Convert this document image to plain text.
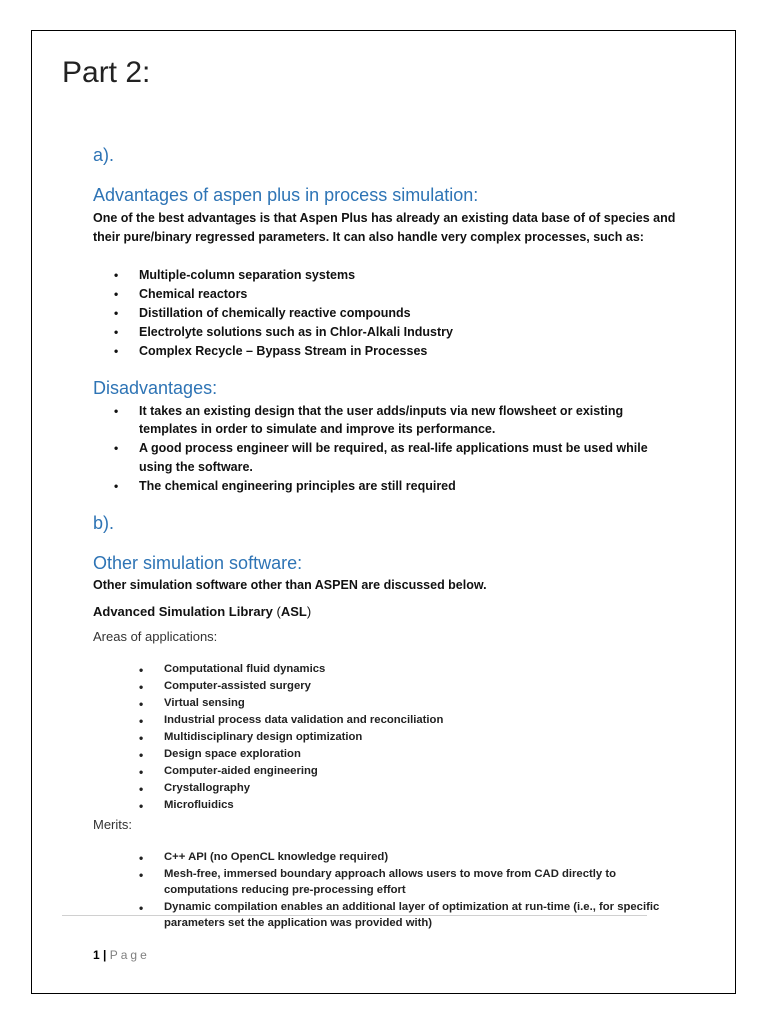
Part 2:
a).
Advantages of aspen plus in process simulation:
One of the best advantages is that Aspen Plus has already an existing data base of of species and
their pure/binary regressed parameters. It can also handle very complex processes, such as:
• Multiple-column separation systems
• Chemical reactors
• Distillation of chemically reactive compounds
• Electrolyte solutions such as in Chlor-Alkali Industry
• Complex Recycle – Bypass Stream in Processes
Disadvantages:
• It takes an existing design that the user adds/inputs via new flowsheet or existing
templates in order to simulate and improve its performance.
• A good process engineer will be required, as real-life applications must be used while
using the software.
• The chemical engineering principles are still required
b).
Other simulation software:
Other simulation software other than ASPEN are discussed below.
Advanced Simulation Library (ASL)
Areas of applications:
• Computational fluid dynamics
• Computer-assisted surgery
• Virtual sensing
• Industrial process data validation and reconciliation
• Multidisciplinary design optimization
• Design space exploration
• Computer-aided engineering
• Crystallography
• Microfluidics
Merits:
• C++ API (no OpenCL knowledge required)
• Mesh-free, immersed boundary approach allows users to move from CAD directly to
computations reducing pre-processing effort
• Dynamic compilation enables an additional layer of optimization at run-time (i.e., for specific
parameters set the application was provided with)
1 | Page
